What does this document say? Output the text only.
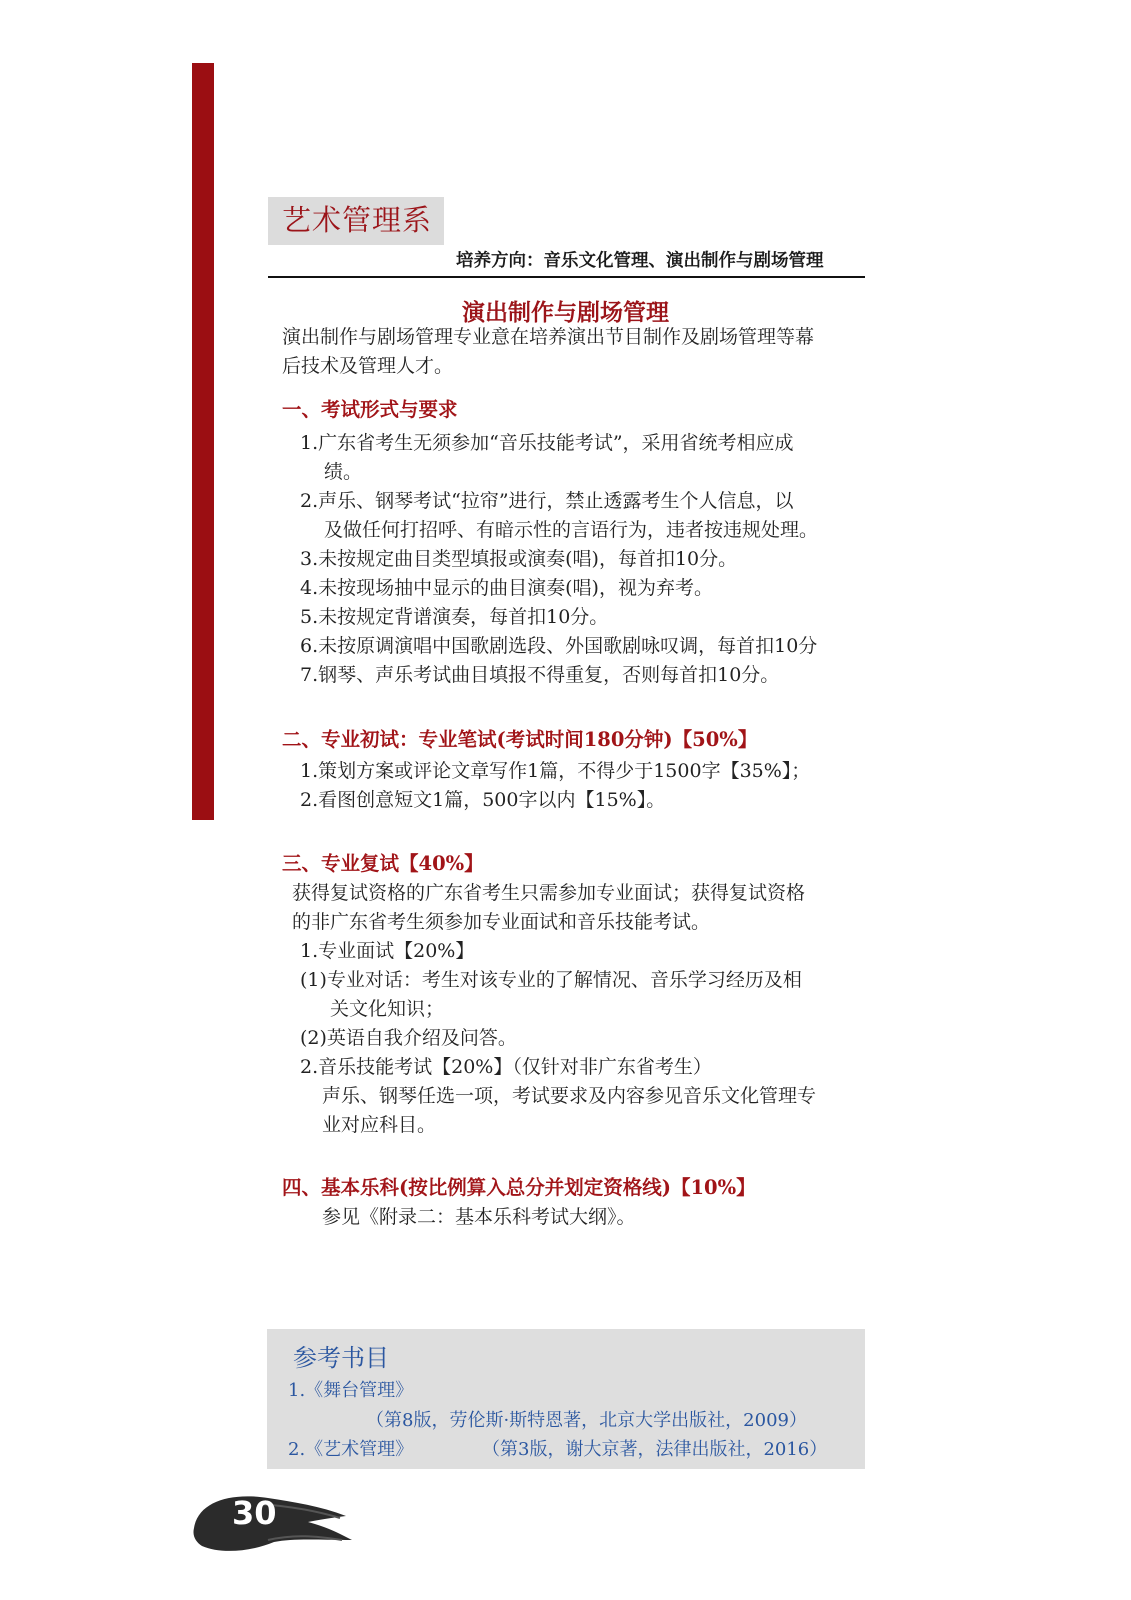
艺术管理系
培养方向：音乐文化管理、演出制作与剧场管理
演出制作与剧场管理
演出制作与剧场管理专业意在培养演出节目制作及剧场管理等幕
后技术及管理人才。
一、考试形式与要求
1.广东省考生无须参加“音乐技能考试”，采用省统考相应成
绩。
2.声乐、钢琴考试“拉帘”进行，禁止透露考生个人信息，以
及做任何打招呼、有暗示性的言语行为，违者按违规处理。
3.未按规定曲目类型填报或演奏(唱)，每首扣10分。
4.未按现场抽中显示的曲目演奏(唱)，视为弃考。
5.未按规定背谱演奏，每首扣10分。
6.未按原调演唱中国歌剧选段、外国歌剧咏叹调，每首扣10分
7.钢琴、声乐考试曲目填报不得重复，否则每首扣10分。
二、专业初试：专业笔试(考试时间180分钟)【50%】
1.策划方案或评论文章写作1篇，不得少于1500字【35%】；
2.看图创意短文1篇，500字以内【15%】。
三、专业复试【40%】
获得复试资格的广东省考生只需参加专业面试；获得复试资格
的非广东省考生须参加专业面试和音乐技能考试。
1.专业面试【20%】
(1)专业对话：考生对该专业的了解情况、音乐学习经历及相
关文化知识；
(2)英语自我介绍及问答。
2.音乐技能考试【20%】（仅针对非广东省考生）
声乐、钢琴任选一项，考试要求及内容参见音乐文化管理专
业对应科目。
四、基本乐科(按比例算入总分并划定资格线)【10%】
参见《附录二：基本乐科考试大纲》。
参考书目
1.《舞台管理》
（第8版，劳伦斯·斯特恩著，北京大学出版社，2009）
2.《艺术管理》	（第3版，谢大京著，法律出版社，2016）
30
